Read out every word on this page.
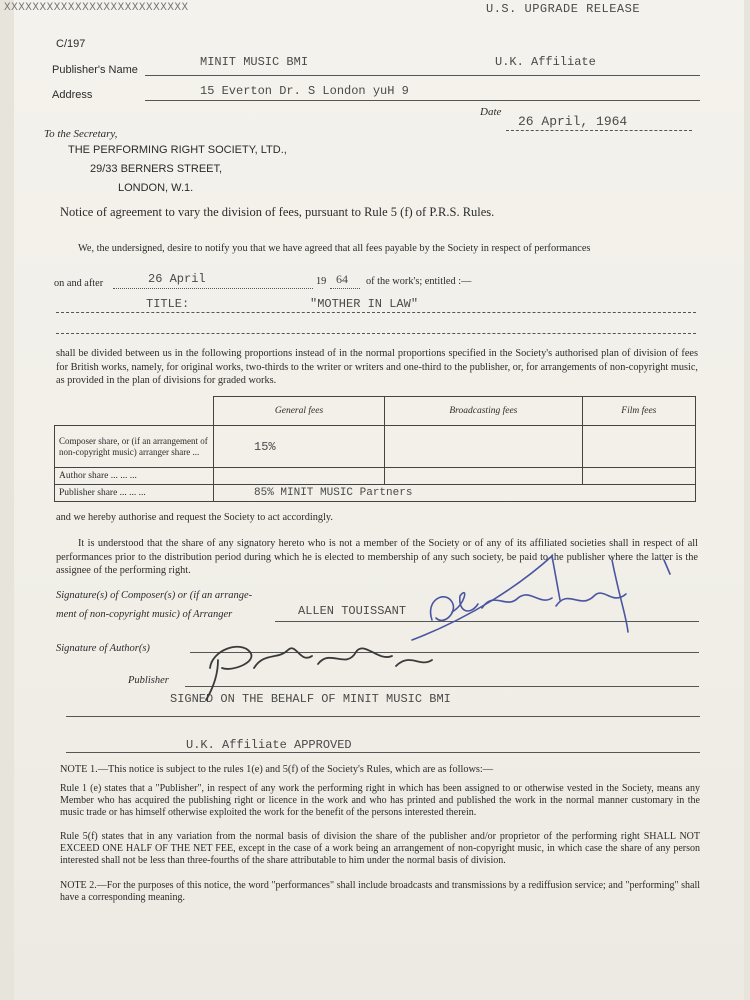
XXXXXXXXXXXXXXXXXXXXXXXXXX	U.S. UPGRADE RELEASE
C/197
Publisher's Name
MINIT MUSIC BMI	U.K. Affiliate
Address	15 Everton Dr. S London yuH 9
Date
26 April, 1964
To the Secretary,
THE PERFORMING RIGHT SOCIETY, LTD.,
29/33 BERNERS STREET,
LONDON, W.1.
Notice of agreement to vary the division of fees, pursuant to Rule 5 (f) of P.R.S. Rules.
We, the undersigned, desire to notify you that we have agreed that all fees payable by the Society in respect of performances
on and after	26 April	19 64 of the work's; entitled :—
TITLE:	"MOTHER IN LAW"
shall be divided between us in the following proportions instead of in the normal proportions specified in the Society's authorised plan of division of fees for British works, namely, for original works, two-thirds to the writer or writers and one-third to the publisher, or, for arrangements of non-copyright music, as provided in the plan of divisions for graded works.
	General fees	Broadcasting fees	Film fees
Composer share, or (if an arrangement of non-copyright music) arranger share ...	15%		
Author share ... ... ...			
Publisher share ... ... ...	85% MINIT MUSIC Partners		
and we hereby authorise and request the Society to act accordingly.
It is understood that the share of any signatory hereto who is not a member of the Society or of any of its affiliated societies shall in respect of all performances prior to the distribution period during which he is elected to membership of any such society, be paid to the publisher where the latter is the assignee of the performing right.
Signature(s) of Composer(s) or (if an arrange-
ment of non-copyright music) of Arranger	ALLEN TOUISSANT
Signature of Author(s)
Publisher
SIGNED ON THE BEHALF OF MINIT MUSIC BMI
U.K. Affiliate APPROVED
NOTE 1.—This notice is subject to the rules 1(e) and 5(f) of the Society's Rules, which are as follows:—
Rule 1 (e) states that a "Publisher", in respect of any work the performing right in which has been assigned to or otherwise vested in the Society, means any Member who has acquired the publishing right or licence in the work and who has printed and published the work in the normal manner customary in the music trade or has himself otherwise exploited the work for the benefit of the persons interested therein.
Rule 5(f) states that in any variation from the normal basis of division the share of the publisher and/or proprietor of the performing right SHALL NOT EXCEED ONE HALF OF THE NET FEE, except in the case of a work being an arrangement of non-copyright music, in which case the share of any person interested shall not be less than three-fourths of the share attributable to him under the normal basis of division.
NOTE 2.—For the purposes of this notice, the word "performances" shall include broadcasts and transmissions by a rediffusion service; and "performing" shall have a corresponding meaning.
